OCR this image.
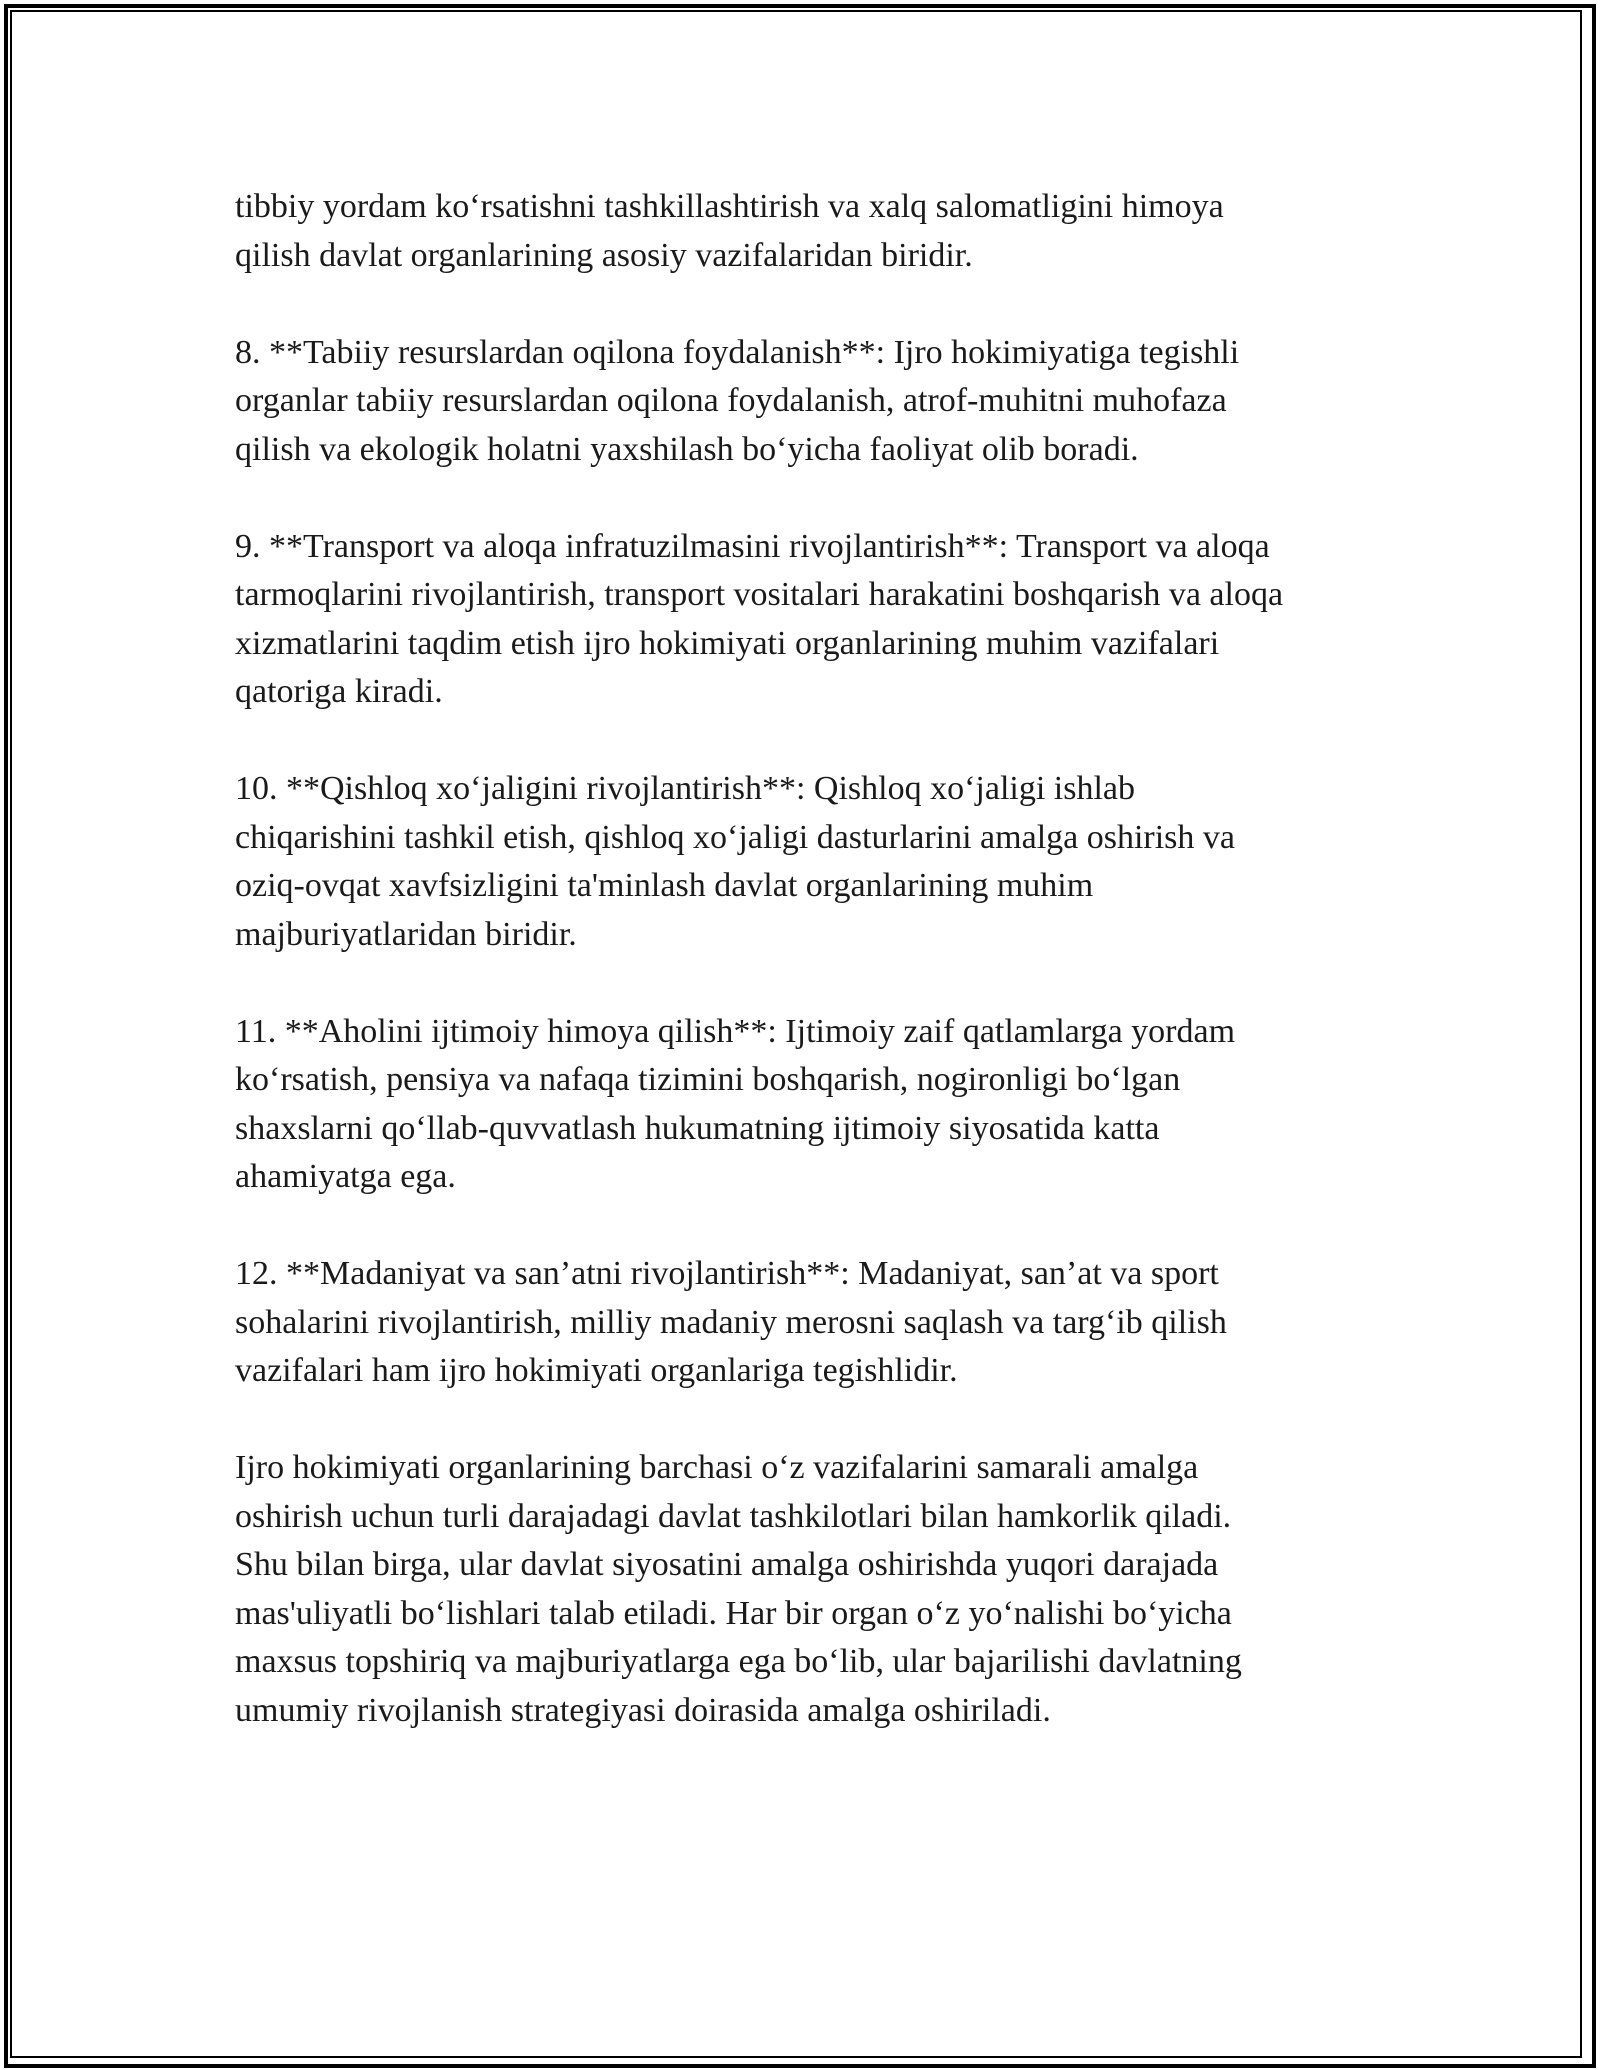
tibbiy yordam koʻrsatishni tashkillashtirish va xalq salomatligini himoya
qilish davlat organlarining asosiy vazifalaridan biridir.

8. **Tabiiy resurslardan oqilona foydalanish**: Ijro hokimiyatiga tegishli
organlar tabiiy resurslardan oqilona foydalanish, atrof-muhitni muhofaza
qilish va ekologik holatni yaxshilash boʻyicha faoliyat olib boradi.

9. **Transport va aloqa infratuzilmasini rivojlantirish**: Transport va aloqa
tarmoqlarini rivojlantirish, transport vositalari harakatini boshqarish va aloqa
xizmatlarini taqdim etish ijro hokimiyati organlarining muhim vazifalari
qatoriga kiradi.

10. **Qishloq xoʻjaligini rivojlantirish**: Qishloq xoʻjaligi ishlab
chiqarishini tashkil etish, qishloq xoʻjaligi dasturlarini amalga oshirish va
oziq-ovqat xavfsizligini ta'minlash davlat organlarining muhim
majburiyatlaridan biridir.

11. **Aholini ijtimoiy himoya qilish**: Ijtimoiy zaif qatlamlarga yordam
koʻrsatish, pensiya va nafaqa tizimini boshqarish, nogironligi boʻlgan
shaxslarni qoʻllab-quvvatlash hukumatning ijtimoiy siyosatida katta
ahamiyatga ega.

12. **Madaniyat va san’atni rivojlantirish**: Madaniyat, san’at va sport
sohalarini rivojlantirish, milliy madaniy merosni saqlash va targʻib qilish
vazifalari ham ijro hokimiyati organlariga tegishlidir.

Ijro hokimiyati organlarining barchasi oʻz vazifalarini samarali amalga
oshirish uchun turli darajadagi davlat tashkilotlari bilan hamkorlik qiladi.
Shu bilan birga, ular davlat siyosatini amalga oshirishda yuqori darajada
mas'uliyatli boʻlishlari talab etiladi. Har bir organ oʻz yoʻnalishi boʻyicha
maxsus topshiriq va majburiyatlarga ega boʻlib, ular bajarilishi davlatning
umumiy rivojlanish strategiyasi doirasida amalga oshiriladi.
